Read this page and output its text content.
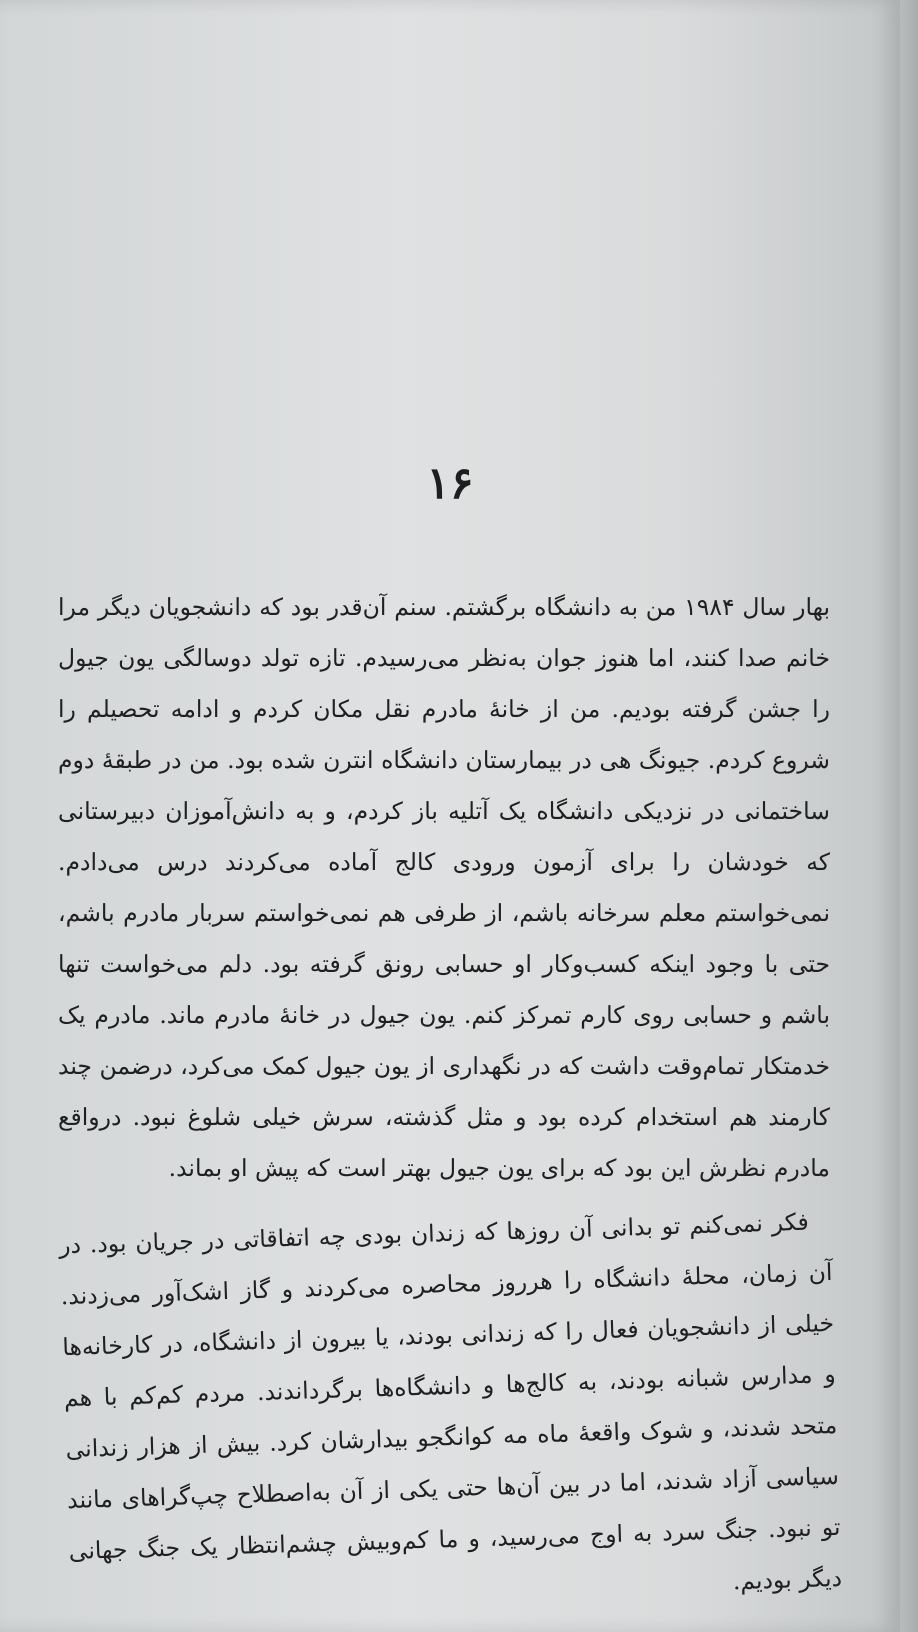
۱۶

بهار سال ۱۹۸۴ من به دانشگاه برگشتم. سنم آن‌قدر بود که دانشجویان دیگر مرا خانم صدا کنند، اما هنوز جوان به‌نظر می‌رسیدم. تازه تولد دوسالگی یون جیول را جشن گرفته بودیم. من از خانهٔ مادرم نقل مکان کردم و ادامه تحصیلم را شروع کردم. جیونگ هی در بیمارستان دانشگاه انترن شده بود. من در طبقهٔ دوم ساختمانی در نزدیکی دانشگاه یک آتلیه باز کردم، و به دانش‌آموزان دبیرستانی که خودشان را برای آزمون ورودی کالج آماده می‌کردند درس می‌دادم. نمی‌خواستم معلم سرخانه باشم، از طرفی هم نمی‌خواستم سربار مادرم باشم، حتی با وجود اینکه کسب‌وکار او حسابی رونق گرفته بود. دلم می‌خواست تنها باشم و حسابی روی کارم تمرکز کنم. یون جیول در خانهٔ مادرم ماند. مادرم یک خدمتکار تمام‌وقت داشت که در نگهداری از یون جیول کمک می‌کرد، درضمن چند کارمند هم استخدام کرده بود و مثل گذشته، سرش خیلی شلوغ نبود. درواقع مادرم نظرش این بود که برای یون جیول بهتر است که پیش او بماند.

فکر نمی‌کنم تو بدانی آن روزها که زندان بودی چه اتفاقاتی در جریان بود. در آن زمان، محلهٔ دانشگاه را هرروز محاصره می‌کردند و گاز اشک‌آور می‌زدند. خیلی از دانشجویان فعال را که زندانی بودند، یا بیرون از دانشگاه، در کارخانه‌ها و مدارس شبانه بودند، به کالج‌ها و دانشگاه‌ها برگرداندند. مردم کم‌کم با هم متحد شدند، و شوک واقعهٔ ماه مه کوانگجو بیدارشان کرد. بیش از هزار زندانی سیاسی آزاد شدند، اما در بین آن‌ها حتی یکی از آن به‌اصطلاح چپ‌گراهای مانند تو نبود. جنگ سرد به اوج می‌رسید، و ما کم‌وبیش چشم‌انتظار یک جنگ جهانی دیگر بودیم.
